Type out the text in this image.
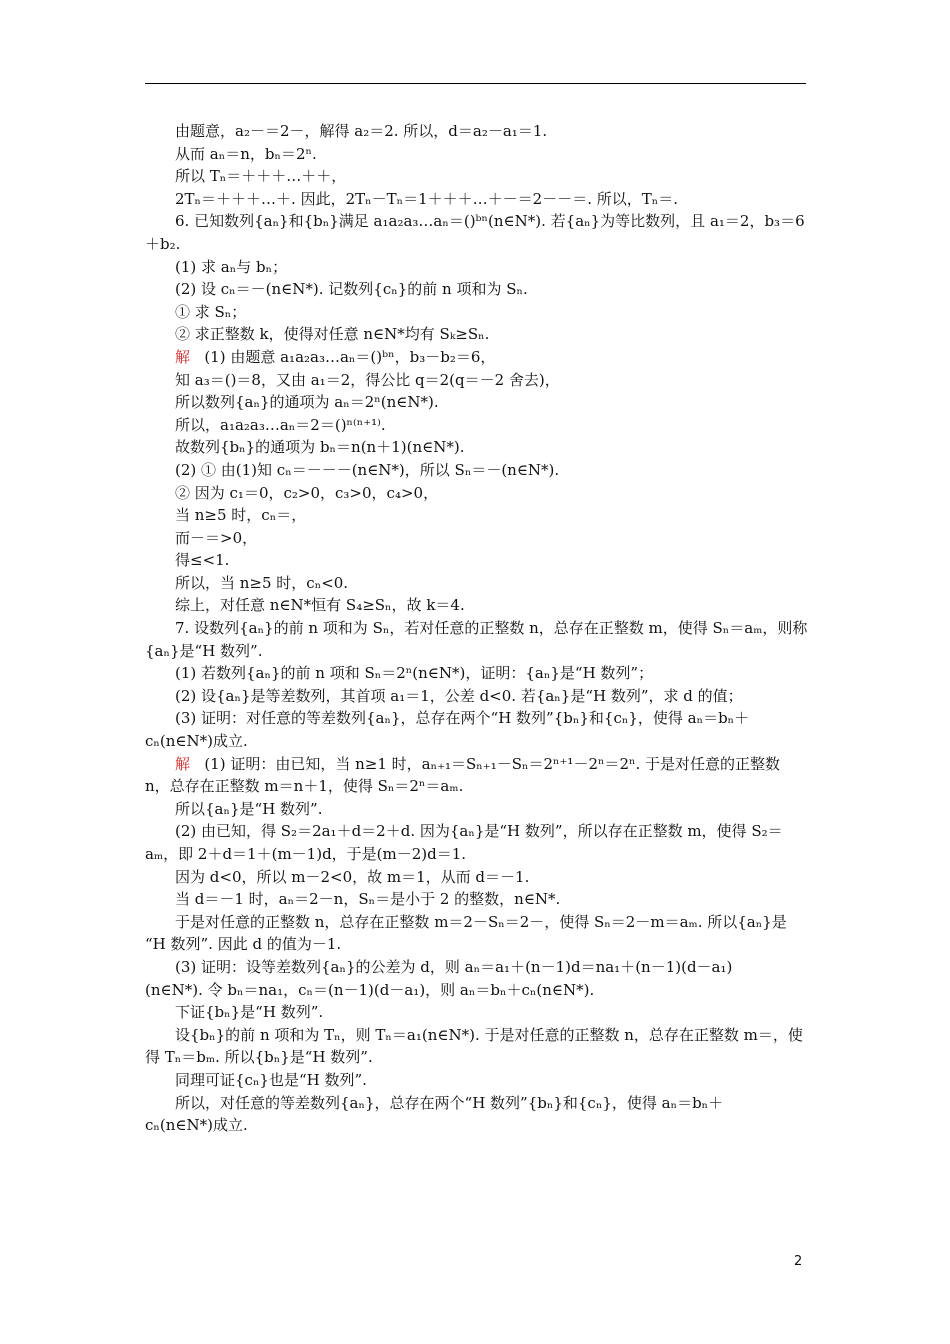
由题意，a₂－＝2－，解得 a₂＝2. 所以，d＝a₂－a₁＝1.
从而 aₙ＝n，bₙ＝2ⁿ.
所以 Tₙ＝＋＋＋…＋＋，
2Tₙ＝＋＋＋…＋. 因此，2Tₙ－Tₙ＝1＋＋＋…＋－＝2－－＝. 所以，Tₙ＝.
6. 已知数列{aₙ}和{bₙ}满足 a₁a₂a₃…aₙ＝()ᵇⁿ(n∈N*). 若{aₙ}为等比数列，且 a₁＝2，b₃＝6
＋b₂.
(1) 求 aₙ与 bₙ；
(2) 设 cₙ＝－(n∈N*). 记数列{cₙ}的前 n 项和为 Sₙ.
① 求 Sₙ；
② 求正整数 k，使得对任意 n∈N*均有 Sₖ≥Sₙ.
解 (1) 由题意 a₁a₂a₃…aₙ＝()ᵇⁿ，b₃－b₂＝6，
知 a₃＝()＝8，又由 a₁＝2，得公比 q＝2(q＝－2 舍去)，
所以数列{aₙ}的通项为 aₙ＝2ⁿ(n∈N*).
所以，a₁a₂a₃…aₙ＝2＝()ⁿ⁽ⁿ⁺¹⁾.
故数列{bₙ}的通项为 bₙ＝n(n＋1)(n∈N*).
(2) ① 由(1)知 cₙ＝－－－(n∈N*)，所以 Sₙ＝－(n∈N*).
② 因为 c₁＝0，c₂>0，c₃>0，c₄>0，
当 n≥5 时，cₙ＝，
而－＝>0，
得≤<1.
所以，当 n≥5 时，cₙ<0.
综上，对任意 n∈N*恒有 S₄≥Sₙ，故 k＝4.
7. 设数列{aₙ}的前 n 项和为 Sₙ，若对任意的正整数 n，总存在正整数 m，使得 Sₙ＝aₘ，则称
{aₙ}是“H 数列”.
(1) 若数列{aₙ}的前 n 项和 Sₙ＝2ⁿ(n∈N*)，证明：{aₙ}是“H 数列”；
(2) 设{aₙ}是等差数列，其首项 a₁＝1，公差 d<0. 若{aₙ}是“H 数列”，求 d 的值；
(3) 证明：对任意的等差数列{aₙ}，总存在两个“H 数列”{bₙ}和{cₙ}，使得 aₙ＝bₙ＋
cₙ(n∈N*)成立.
解 (1) 证明：由已知，当 n≥1 时，aₙ₊₁＝Sₙ₊₁－Sₙ＝2ⁿ⁺¹－2ⁿ＝2ⁿ. 于是对任意的正整数
n，总存在正整数 m＝n＋1，使得 Sₙ＝2ⁿ＝aₘ.
所以{aₙ}是“H 数列”.
(2) 由已知，得 S₂＝2a₁＋d＝2＋d. 因为{aₙ}是“H 数列”，所以存在正整数 m，使得 S₂＝
aₘ，即 2＋d＝1＋(m－1)d，于是(m－2)d＝1.
因为 d<0，所以 m－2<0，故 m＝1，从而 d＝－1.
当 d＝－1 时，aₙ＝2－n，Sₙ＝是小于 2 的整数，n∈N*.
于是对任意的正整数 n，总存在正整数 m＝2－Sₙ＝2－，使得 Sₙ＝2－m＝aₘ. 所以{aₙ}是
“H 数列”. 因此 d 的值为－1.
(3) 证明：设等差数列{aₙ}的公差为 d，则 aₙ＝a₁＋(n－1)d＝na₁＋(n－1)(d－a₁)
(n∈N*). 令 bₙ＝na₁，cₙ＝(n－1)(d－a₁)，则 aₙ＝bₙ＋cₙ(n∈N*).
下证{bₙ}是“H 数列”.
设{bₙ}的前 n 项和为 Tₙ，则 Tₙ＝a₁(n∈N*). 于是对任意的正整数 n，总存在正整数 m＝，使
得 Tₙ＝bₘ. 所以{bₙ}是“H 数列”.
同理可证{cₙ}也是“H 数列”.
所以，对任意的等差数列{aₙ}，总存在两个“H 数列”{bₙ}和{cₙ}，使得 aₙ＝bₙ＋
cₙ(n∈N*)成立.
2
